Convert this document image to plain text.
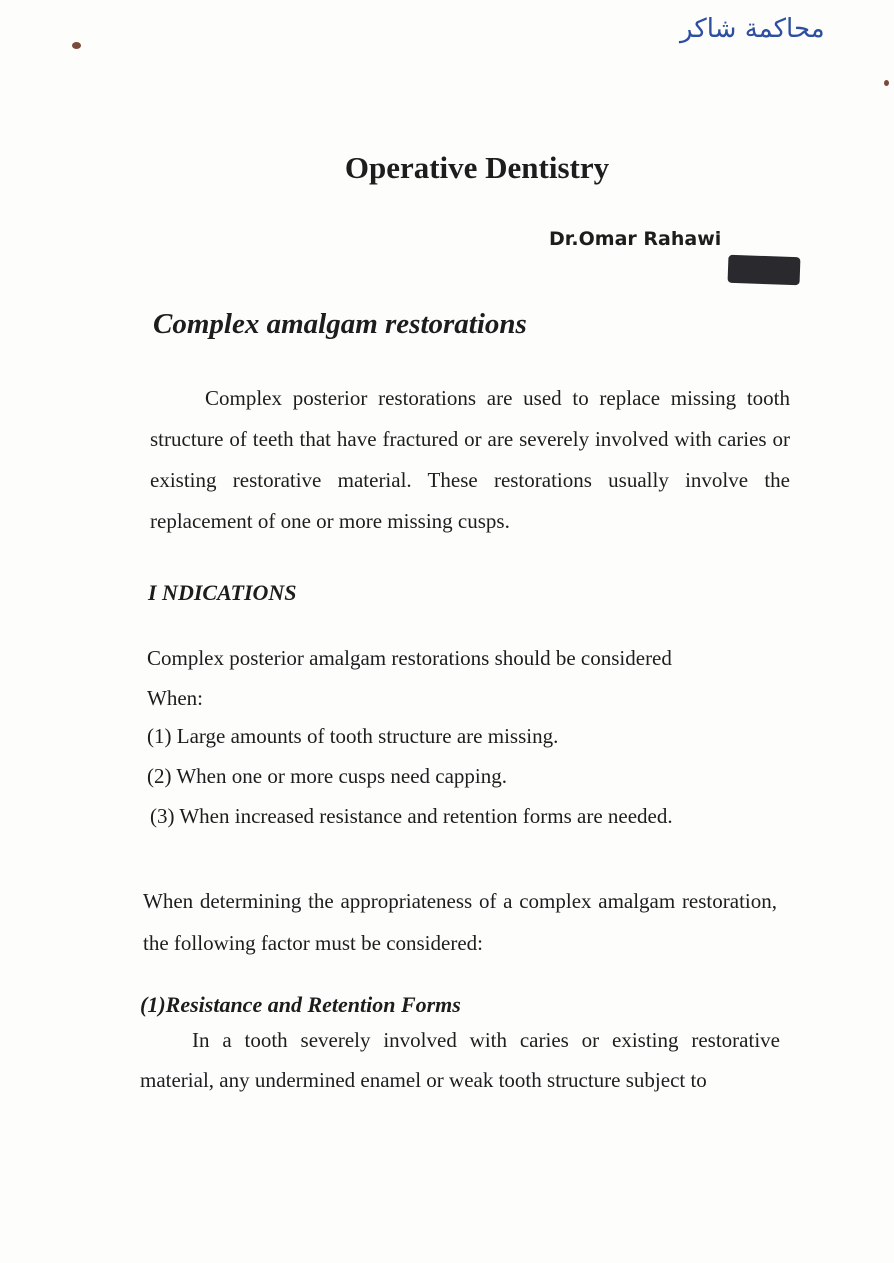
محاكمة شاكر
Operative Dentistry
Dr.Omar Rahawi
Complex amalgam restorations
Complex posterior restorations are used to replace missing tooth structure of teeth that have fractured or are severely involved with caries or existing restorative material. These restorations usually involve the replacement of one or more missing cusps.
I NDICATIONS
Complex posterior amalgam restorations should be considered
When:
(1) Large amounts of tooth structure are missing.
(2) When one or more cusps need capping.
(3) When increased resistance and retention forms are needed.
When determining the appropriateness of a complex amalgam restoration, the following factor must be considered:
(1)Resistance and Retention Forms
In a tooth severely involved with caries or existing restorative material, any undermined enamel or weak tooth structure subject to
